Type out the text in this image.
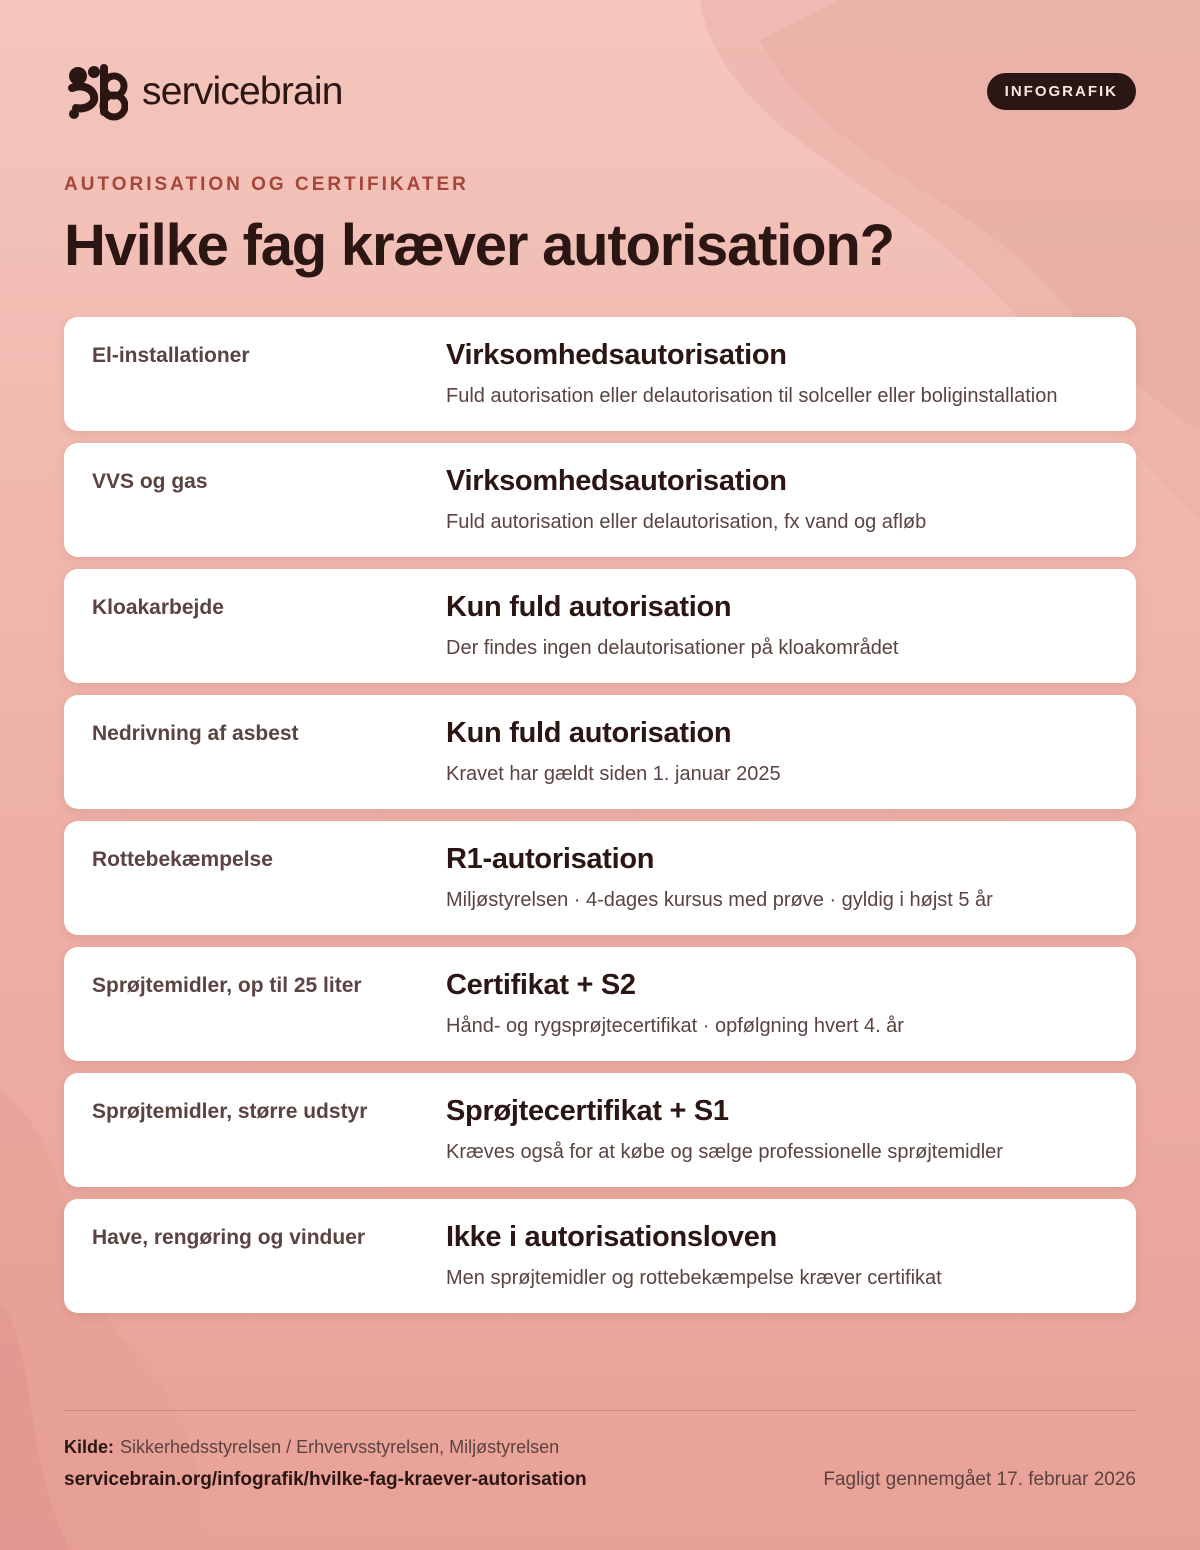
servicebrain	INFOGRAFIK
AUTORISATION OG CERTIFIKATER
Hvilke fag kræver autorisation?
El-installationer	Virksomhedsautorisation
Fuld autorisation eller delautorisation til solceller eller boliginstallation
VVS og gas	Virksomhedsautorisation
Fuld autorisation eller delautorisation, fx vand og afløb
Kloakarbejde	Kun fuld autorisation
Der findes ingen delautorisationer på kloakområdet
Nedrivning af asbest	Kun fuld autorisation
Kravet har gældt siden 1. januar 2025
Rottebekæmpelse	R1-autorisation
Miljøstyrelsen · 4-dages kursus med prøve · gyldig i højst 5 år
Sprøjtemidler, op til 25 liter	Certifikat + S2
Hånd- og rygsprøjtecertifikat · opfølgning hvert 4. år
Sprøjtemidler, større udstyr	Sprøjtecertifikat + S1
Kræves også for at købe og sælge professionelle sprøjtemidler
Have, rengøring og vinduer	Ikke i autorisationsloven
Men sprøjtemidler og rottebekæmpelse kræver certifikat
Kilde: Sikkerhedsstyrelsen / Erhvervsstyrelsen, Miljøstyrelsen
servicebrain.org/infografik/hvilke-fag-kraever-autorisation	Fagligt gennemgået 17. februar 2026
